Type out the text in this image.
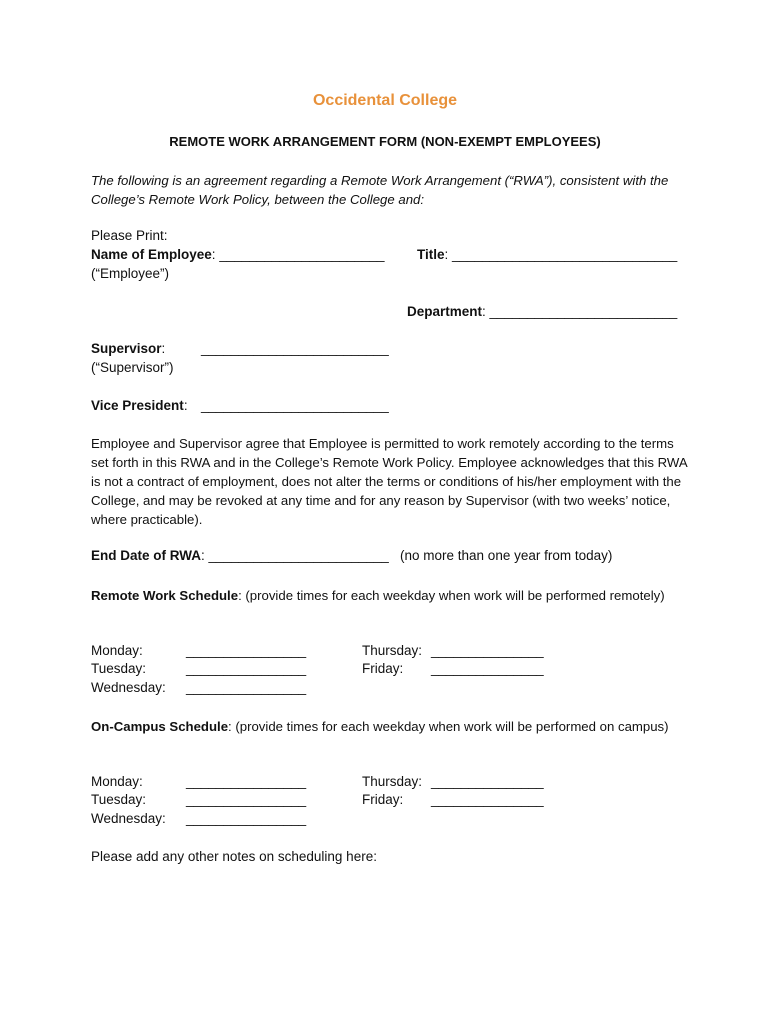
Occidental College
REMOTE WORK ARRANGEMENT FORM (NON-EXEMPT EMPLOYEES)
The following is an agreement regarding a Remote Work Arrangement (“RWA”), consistent with the College’s Remote Work Policy, between the College and:
Please Print:
Name of Employee: ______________________
(“Employee”)
Title: ______________________________
Department: _________________________
Supervisor:	_________________________
(“Supervisor”)
Vice President: _________________________
Employee and Supervisor agree that Employee is permitted to work remotely according to the terms set forth in this RWA and in the College’s Remote Work Policy. Employee acknowledges that this RWA is not a contract of employment, does not alter the terms or conditions of his/her employment with the College, and may be revoked at any time and for any reason by Supervisor (with two weeks’ notice, where practicable).
End Date of RWA: ________________________ (no more than one year from today)
Remote Work Schedule: (provide times for each weekday when work will be performed remotely)
Monday:	________________
Tuesday:	________________
Wednesday: ________________
Thursday: _______________
Friday: _______________
On-Campus Schedule: (provide times for each weekday when work will be performed on campus)
Monday:	________________
Tuesday:	________________
Wednesday: ________________
Thursday: _______________
Friday: _______________
Please add any other notes on scheduling here:
